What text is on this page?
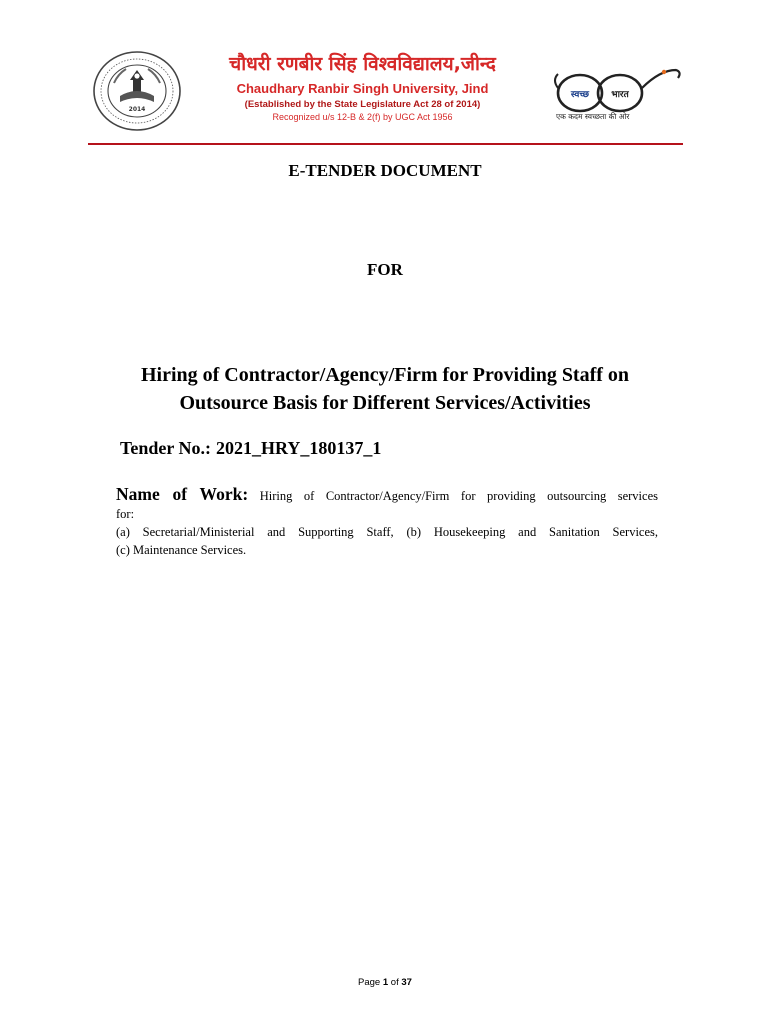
2014
चौधरी रणबीर सिंह विश्वविद्यालय,जीन्द
Chaudhary Ranbir Singh University, Jind
(Established by the State Legislature Act 28 of 2014)
Recognized u/s 12-B & 2(f) by UGC Act 1956
स्वच्छ भारत
एक कदम स्वच्छता की ओर
E-TENDER DOCUMENT
FOR
Hiring of Contractor/Agency/Firm for Providing Staff on
Outsource Basis for Different Services/Activities
Tender No.: 2021_HRY_180137_1

Name of Work: Hiring of Contractor/Agency/Firm for providing outsourcing services

for:

(a) Secretarial/Ministerial and Supporting Staff, (b) Housekeeping and Sanitation Services,

(c) Maintenance Services.

Page 1 of 37
